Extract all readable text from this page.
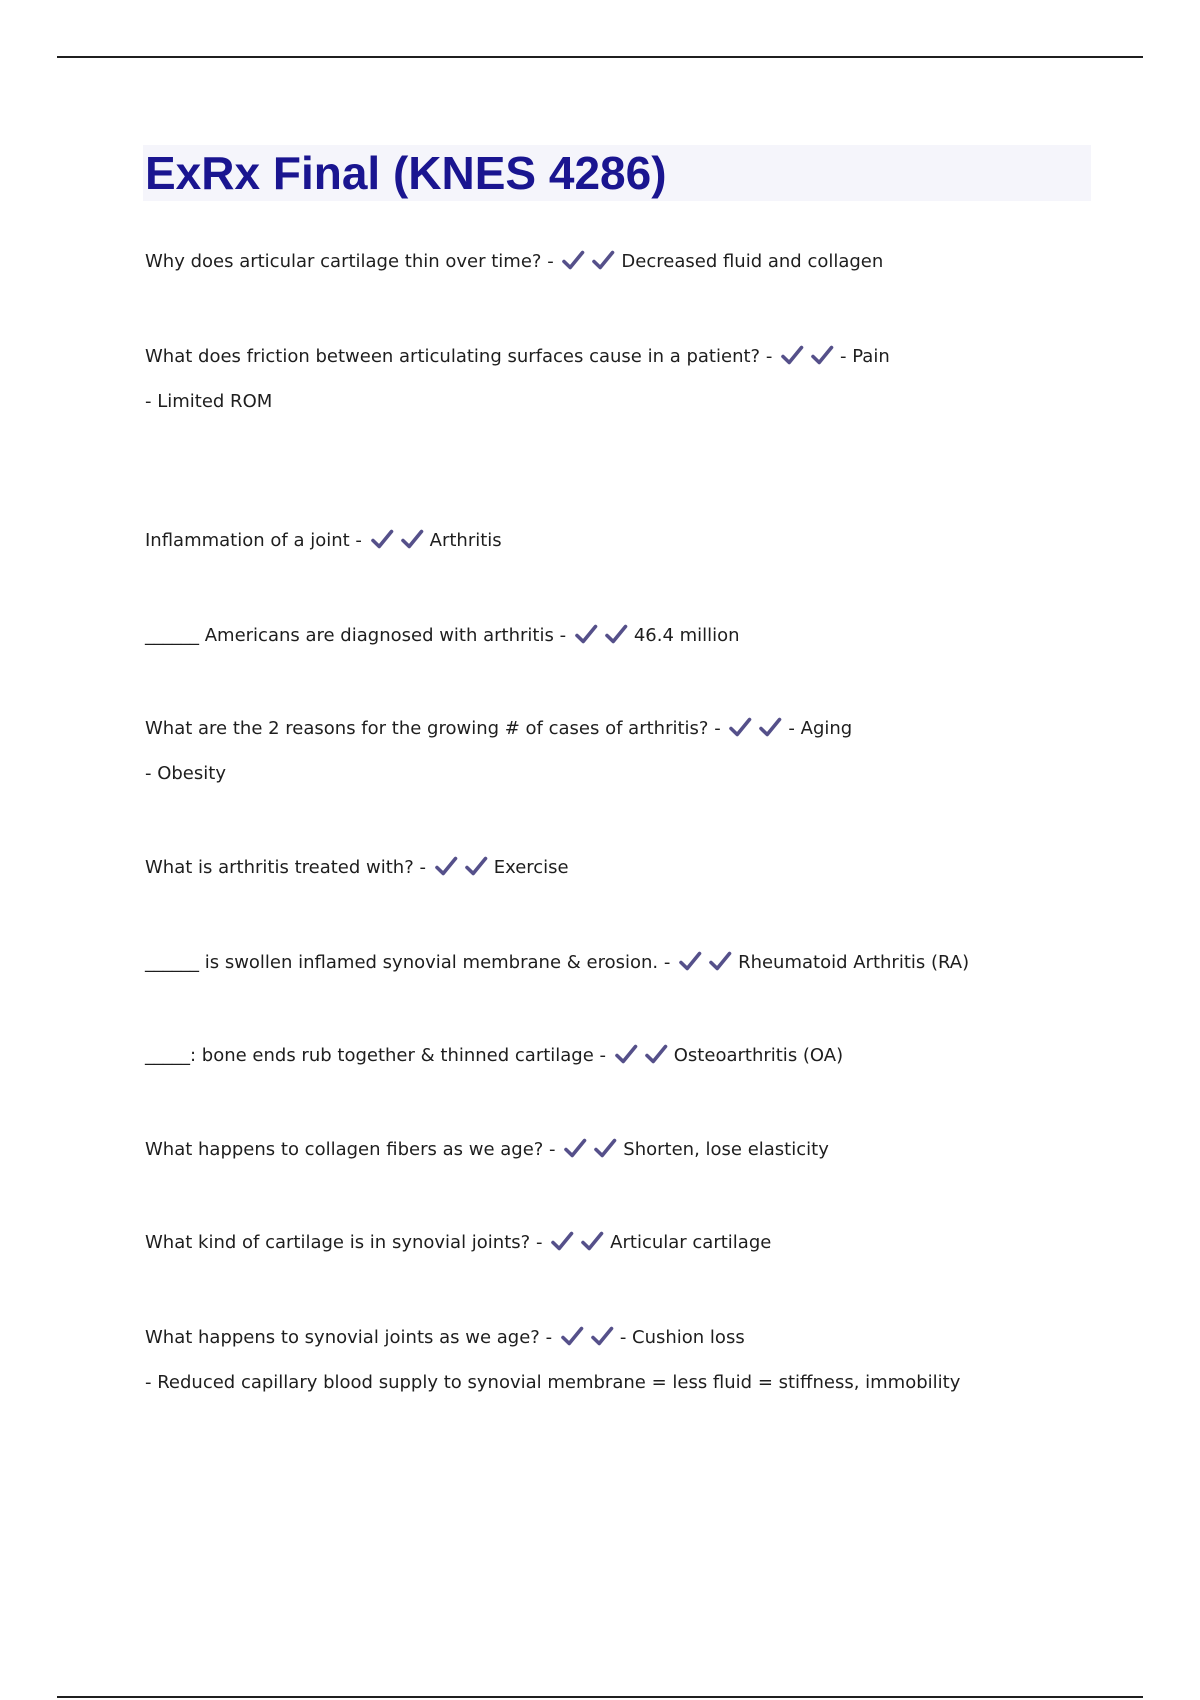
ExRx Final (KNES 4286)
Why does articular cartilage thin over time? -	Decreased fluid and collagen
What does friction between articulating surfaces cause in a patient? -	- Pain
- Limited ROM
Inflammation of a joint -	Arthritis
______ Americans are diagnosed with arthritis -	46.4 million
What are the 2 reasons for the growing # of cases of arthritis? -	- Aging
- Obesity
What is arthritis treated with? -	Exercise
______ is swollen inflamed synovial membrane & erosion. -	Rheumatoid Arthritis (RA)
_____: bone ends rub together & thinned cartilage -	Osteoarthritis (OA)
What happens to collagen fibers as we age? -	Shorten, lose elasticity
What kind of cartilage is in synovial joints? -	Articular cartilage
What happens to synovial joints as we age? -	- Cushion loss
- Reduced capillary blood supply to synovial membrane = less fluid = stiffness, immobility
